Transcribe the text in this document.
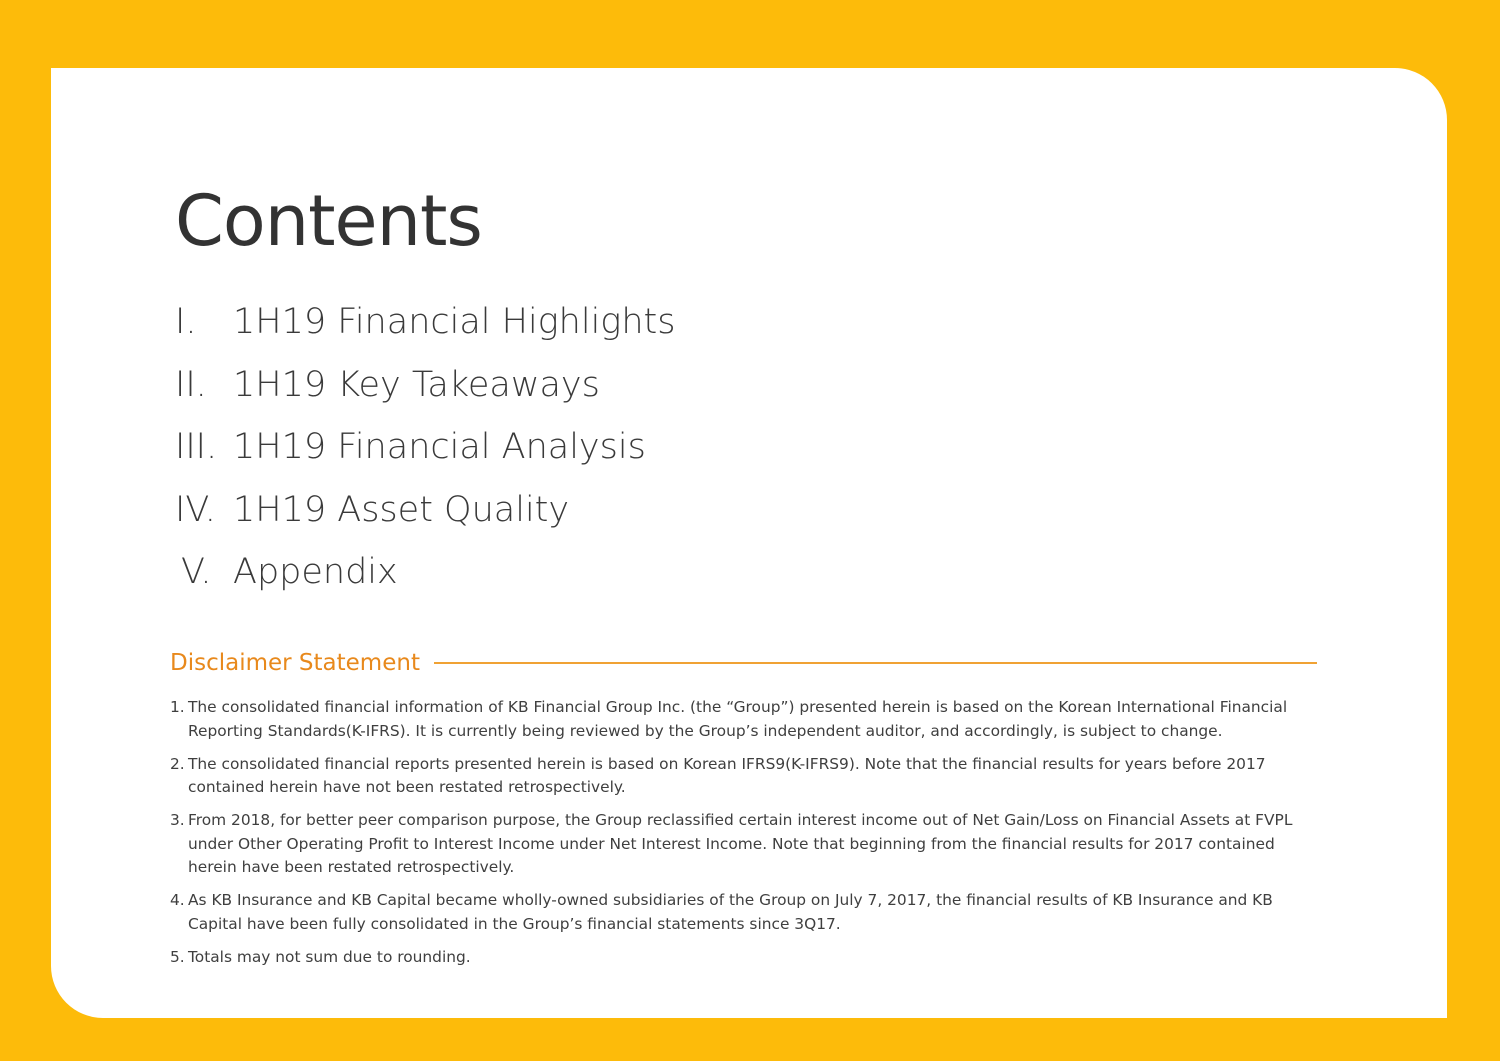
Contents
I.	1H19 Financial Highlights
II. 1H19 Key Takeaways
III. 1H19 Financial Analysis
IV. 1H19 Asset Quality
V. Appendix
Disclaimer Statement
1. The consolidated financial information of KB Financial Group Inc. (the “Group”) presented herein is based on the Korean International Financial Reporting Standards(K-IFRS). It is currently being reviewed by the Group’s independent auditor, and accordingly, is subject to change.
2. The consolidated financial reports presented herein is based on Korean IFRS9(K-IFRS9). Note that the financial results for years before 2017 contained herein have not been restated retrospectively.
3. From 2018, for better peer comparison purpose, the Group reclassified certain interest income out of Net Gain/Loss on Financial Assets at FVPL under Other Operating Profit to Interest Income under Net Interest Income. Note that beginning from the financial results for 2017 contained herein have been restated retrospectively.
4. As KB Insurance and KB Capital became wholly-owned subsidiaries of the Group on July 7, 2017, the financial results of KB Insurance and KB Capital have been fully consolidated in the Group’s financial statements since 3Q17.
5. Totals may not sum due to rounding.
